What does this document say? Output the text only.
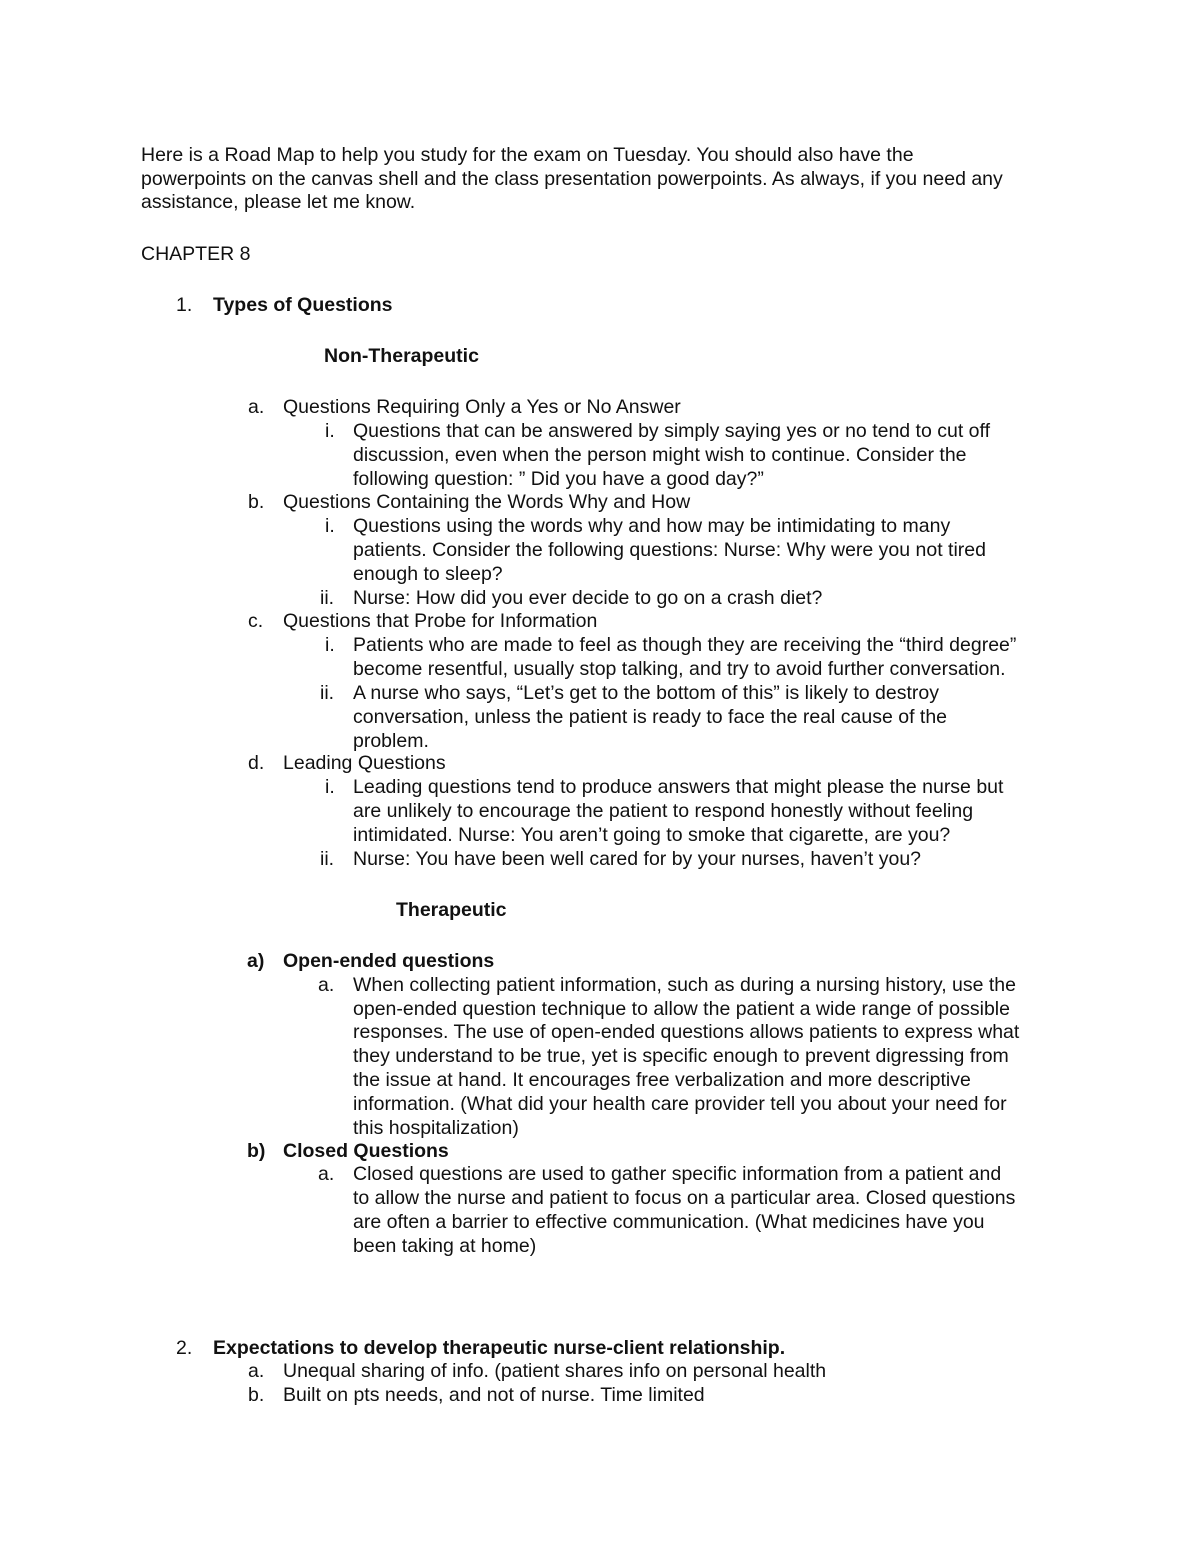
Here is a Road Map to help you study for the exam on Tuesday. You should also have the
powerpoints on the canvas shell and the class presentation powerpoints. As always, if you need any
assistance, please let me know.
CHAPTER 8
1. Types of Questions
Non-Therapeutic
a. Questions Requiring Only a Yes or No Answer
i. Questions that can be answered by simply saying yes or no tend to cut off
discussion, even when the person might wish to continue. Consider the
following question: ” Did you have a good day?”
b. Questions Containing the Words Why and How
i. Questions using the words why and how may be intimidating to many
patients. Consider the following questions: Nurse: Why were you not tired
enough to sleep?
ii. Nurse: How did you ever decide to go on a crash diet?
c. Questions that Probe for Information
i. Patients who are made to feel as though they are receiving the “third degree”
become resentful, usually stop talking, and try to avoid further conversation.
ii. A nurse who says, “Let’s get to the bottom of this” is likely to destroy
conversation, unless the patient is ready to face the real cause of the
problem.
d. Leading Questions
i. Leading questions tend to produce answers that might please the nurse but
are unlikely to encourage the patient to respond honestly without feeling
intimidated. Nurse: You aren’t going to smoke that cigarette, are you?
ii. Nurse: You have been well cared for by your nurses, haven’t you?
Therapeutic
a) Open-ended questions
a. When collecting patient information, such as during a nursing history, use the
open-ended question technique to allow the patient a wide range of possible
responses. The use of open-ended questions allows patients to express what
they understand to be true, yet is specific enough to prevent digressing from
the issue at hand. It encourages free verbalization and more descriptive
information. (What did your health care provider tell you about your need for
this hospitalization)
b) Closed Questions
a. Closed questions are used to gather specific information from a patient and
to allow the nurse and patient to focus on a particular area. Closed questions
are often a barrier to effective communication. (What medicines have you
been taking at home)
2. Expectations to develop therapeutic nurse-client relationship.
a. Unequal sharing of info. (patient shares info on personal health
b. Built on pts needs, and not of nurse. Time limited
